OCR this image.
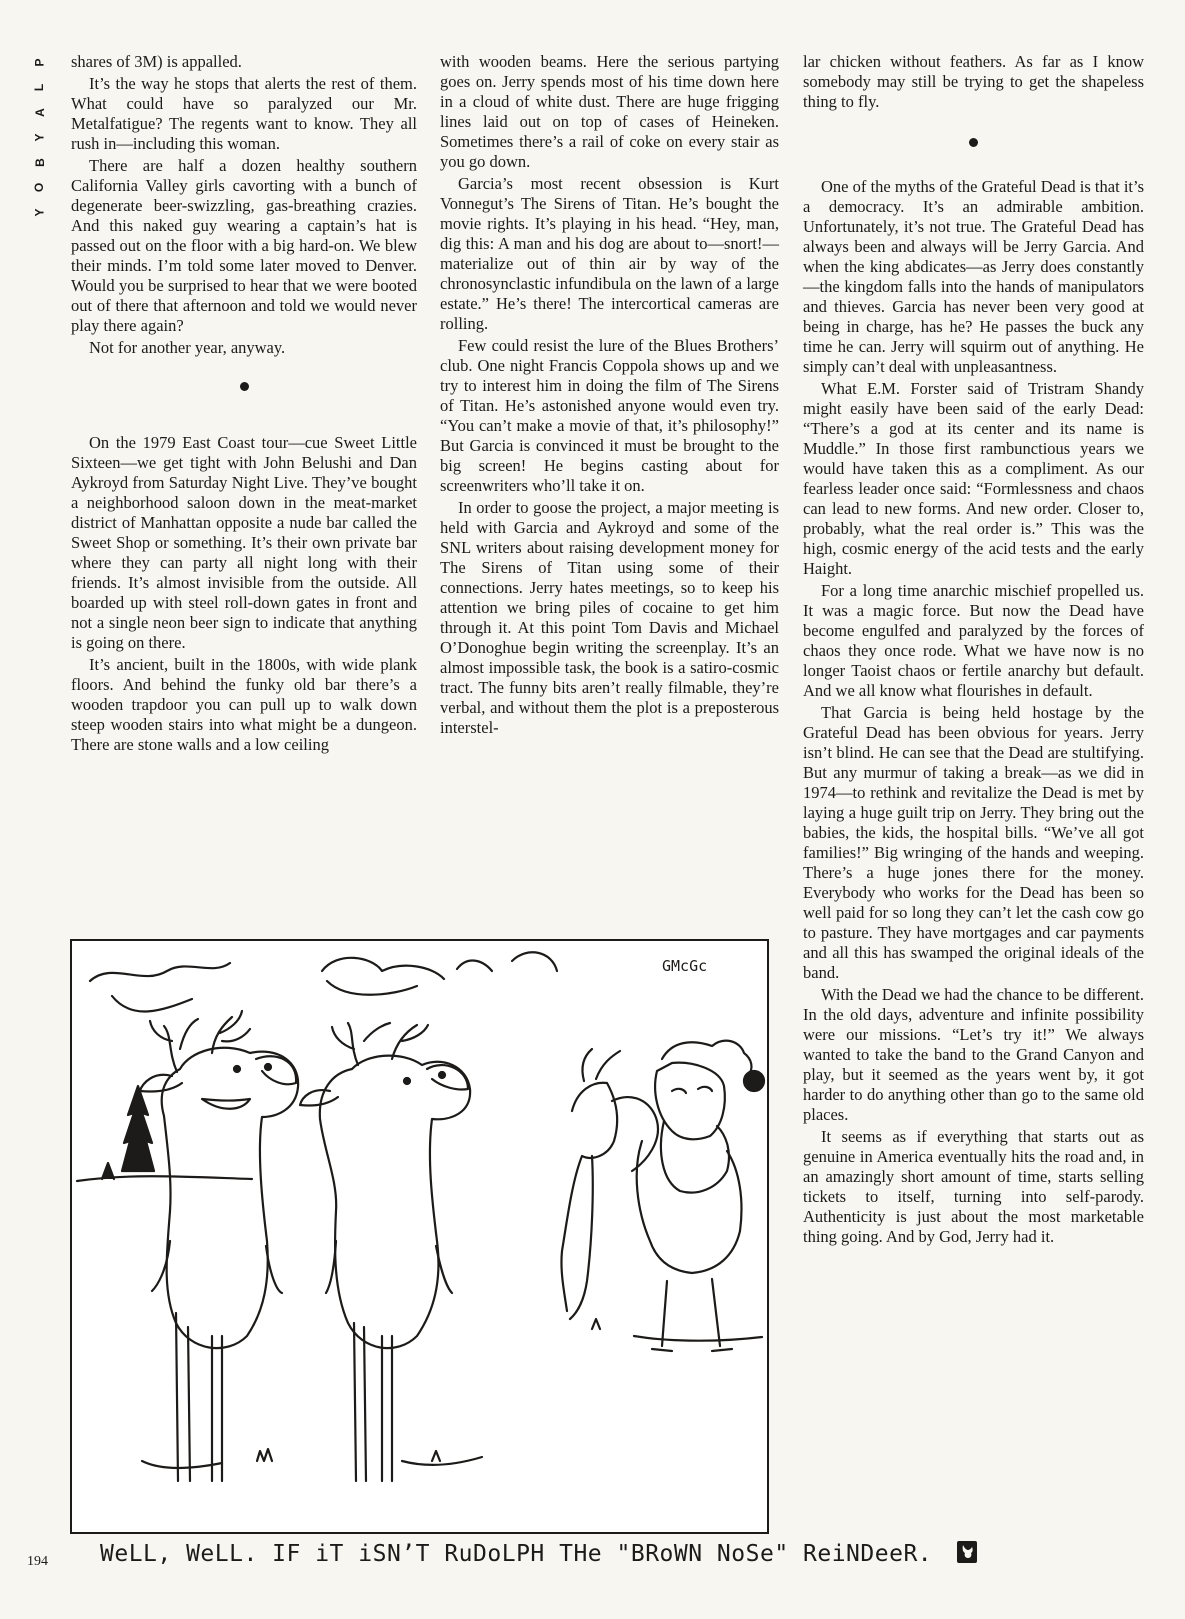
P
L
A
Y
B
O
Y

shares of 3M) is appalled.

It’s the way he stops that alerts the rest of them. What could have so paralyzed our Mr. Metalfatigue? The regents want to know. They all rush in—including this woman.

There are half a dozen healthy southern California Valley girls cavorting with a bunch of degenerate beer-swizzling, gas-breathing crazies. And this naked guy wearing a captain’s hat is passed out on the floor with a big hard-on. We blew their minds. I’m told some later moved to Denver. Would you be surprised to hear that we were booted out of there that afternoon and told we would never play there again?

Not for another year, anyway.

On the 1979 East Coast tour—cue Sweet Little Sixteen—we get tight with John Belushi and Dan Aykroyd from Saturday Night Live. They’ve bought a neighborhood saloon down in the meat-market district of Manhattan opposite a nude bar called the Sweet Shop or something. It’s their own private bar where they can party all night long with their friends. It’s almost invisible from the outside. All boarded up with steel roll-down gates in front and not a single neon beer sign to indicate that anything is going on there.

It’s ancient, built in the 1800s, with wide plank floors. And behind the funky old bar there’s a wooden trapdoor you can pull up to walk down steep wooden stairs into what might be a dungeon. There are stone walls and a low ceiling

with wooden beams. Here the serious partying goes on. Jerry spends most of his time down here in a cloud of white dust. There are huge frigging lines laid out on top of cases of Heineken. Sometimes there’s a rail of coke on every stair as you go down.

Garcia’s most recent obsession is Kurt Vonnegut’s The Sirens of Titan. He’s bought the movie rights. It’s playing in his head. “Hey, man, dig this: A man and his dog are about to—snort!—materialize out of thin air by way of the chronosynclastic infundibula on the lawn of a large estate.” He’s there! The intercortical cameras are rolling.

Few could resist the lure of the Blues Brothers’ club. One night Francis Coppola shows up and we try to interest him in doing the film of The Sirens of Titan. He’s astonished anyone would even try. “You can’t make a movie of that, it’s philosophy!” But Garcia is convinced it must be brought to the big screen! He begins casting about for screenwriters who’ll take it on.

In order to goose the project, a major meeting is held with Garcia and Aykroyd and some of the SNL writers about raising development money for The Sirens of Titan using some of their connections. Jerry hates meetings, so to keep his attention we bring piles of cocaine to get him through it. At this point Tom Davis and Michael O’Donoghue begin writing the screenplay. It’s an almost impossible task, the book is a satiro-cosmic tract. The funny bits aren’t really filmable, they’re verbal, and without them the plot is a preposterous interstel-

lar chicken without feathers. As far as I know somebody may still be trying to get the shapeless thing to fly.

One of the myths of the Grateful Dead is that it’s a democracy. It’s an admirable ambition. Unfortunately, it’s not true. The Grateful Dead has always been and always will be Jerry Garcia. And when the king abdicates—as Jerry does constantly—the kingdom falls into the hands of manipulators and thieves. Garcia has never been very good at being in charge, has he? He passes the buck any time he can. Jerry will squirm out of anything. He simply can’t deal with unpleasantness.

What E.M. Forster said of Tristram Shandy might easily have been said of the early Dead: “There’s a god at its center and its name is Muddle.” In those first rambunctious years we would have taken this as a compliment. As our fearless leader once said: “Formlessness and chaos can lead to new forms. And new order. Closer to, probably, what the real order is.” This was the high, cosmic energy of the acid tests and the early Haight.

For a long time anarchic mischief propelled us. It was a magic force. But now the Dead have become engulfed and paralyzed by the forces of chaos they once rode. What we have now is no longer Taoist chaos or fertile anarchy but default. And we all know what flourishes in default.

That Garcia is being held hostage by the Grateful Dead has been obvious for years. Jerry isn’t blind. He can see that the Dead are stultifying. But any murmur of taking a break—as we did in 1974—to rethink and revitalize the Dead is met by laying a huge guilt trip on Jerry. They bring out the babies, the kids, the hospital bills. “We’ve all got families!” Big wringing of the hands and weeping. There’s a huge jones there for the money. Everybody who works for the Dead has been so well paid for so long they can’t let the cash cow go to pasture. They have mortgages and car payments and all this has swamped the original ideals of the band.

With the Dead we had the chance to be different. In the old days, adventure and infinite possibility were our missions. “Let’s try it!” We always wanted to take the band to the Grand Canyon and play, but it seemed as the years went by, it got harder to do anything other than go to the same old places.

It seems as if everything that starts out as genuine in America eventually hits the road and, in an amazingly short amount of time, starts selling tickets to itself, turning into self-parody. Authenticity is just about the most marketable thing going. And by God, Jerry had it.

GMcGc
WeLL, WeLL. IF iT iSN’T RuDoLPH THe "BRoWN NoSe" ReiNDeeR.
194
